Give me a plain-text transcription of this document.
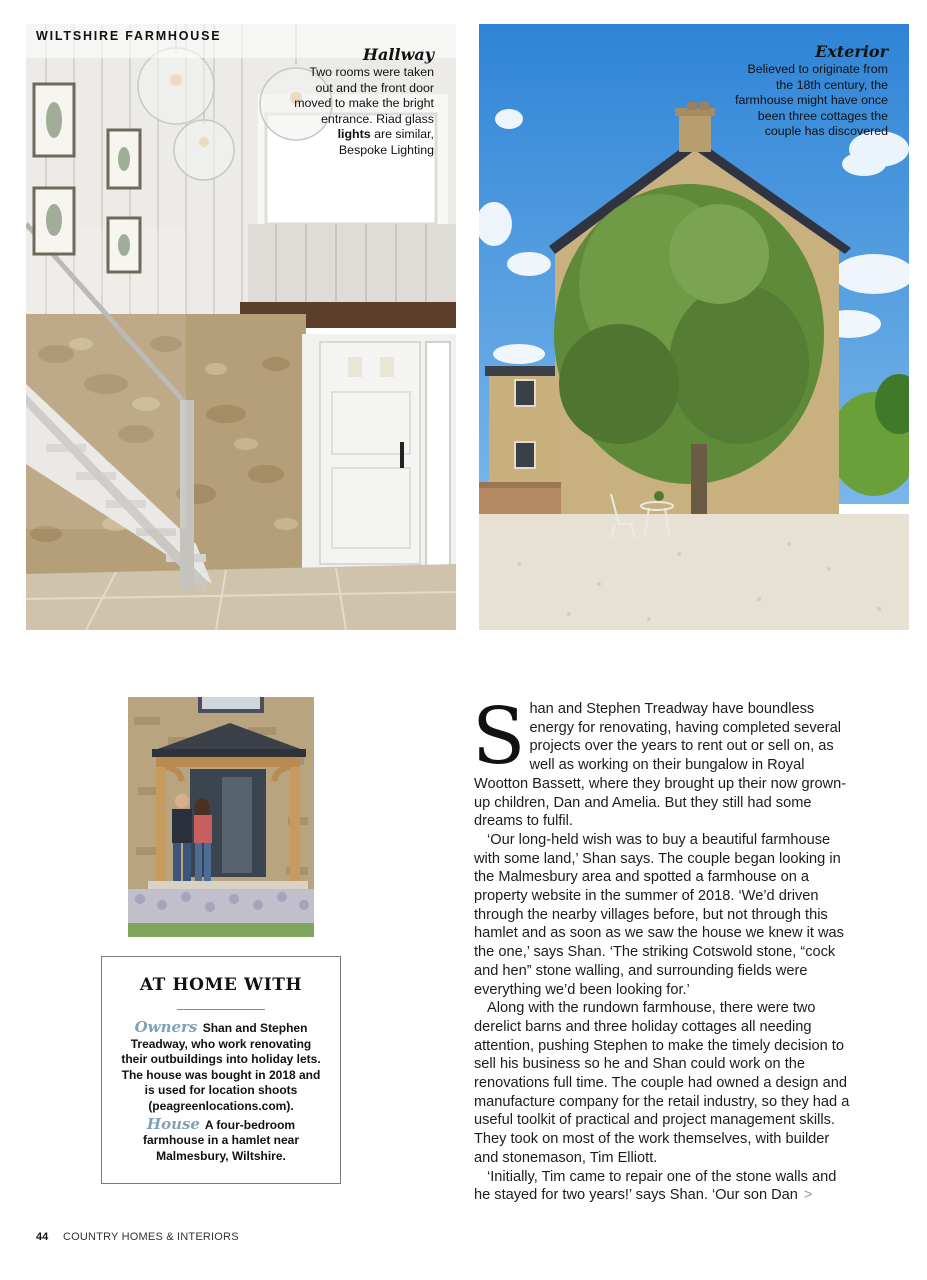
WILTSHIRE FARMHOUSE
Hallway
Two rooms were taken out and the front door moved to make the bright entrance. Riad glass lights are similar, Bespoke Lighting
Exterior
Believed to originate from the 18th century, the farmhouse might have once been three cottages the couple has discovered
AT HOME WITH
Owners Shan and Stephen Treadway, who work renovating their outbuildings into holiday lets. The house was bought in 2018 and is used for location shoots (peagreenlocations.com).
House A four-bedroom farmhouse in a hamlet near Malmesbury, Wiltshire.

Shan and Stephen Treadway have boundless energy for renovating, having completed several projects over the years to rent out or sell on, as well as working on their bungalow in Royal Wootton Bassett, where they brought up their now grown-up children, Dan and Amelia. But they still had some dreams to fulfil.

‘Our long-held wish was to buy a beautiful farmhouse with some land,’ Shan says. The couple began looking in the Malmesbury area and spotted a farmhouse on a property website in the summer of 2018. ‘We’d driven through the nearby villages before, but not through this hamlet and as soon as we saw the house we knew it was the one,’ says Shan. ‘The striking Cotswold stone, “cock and hen” stone walling, and surrounding fields were everything we’d been looking for.’

Along with the rundown farmhouse, there were two derelict barns and three holiday cottages all needing attention, pushing Stephen to make the timely decision to sell his business so he and Shan could work on the renovations full time. The couple had owned a design and manufacture company for the retail industry, so they had a useful toolkit of practical and project management skills. They took on most of the work themselves, with builder and stonemason, Tim Elliott.

‘Initially, Tim came to repair one of the stone walls and he stayed for two years!’ says Shan. ‘Our son Dan >

44 COUNTRY HOMES & INTERIORS
